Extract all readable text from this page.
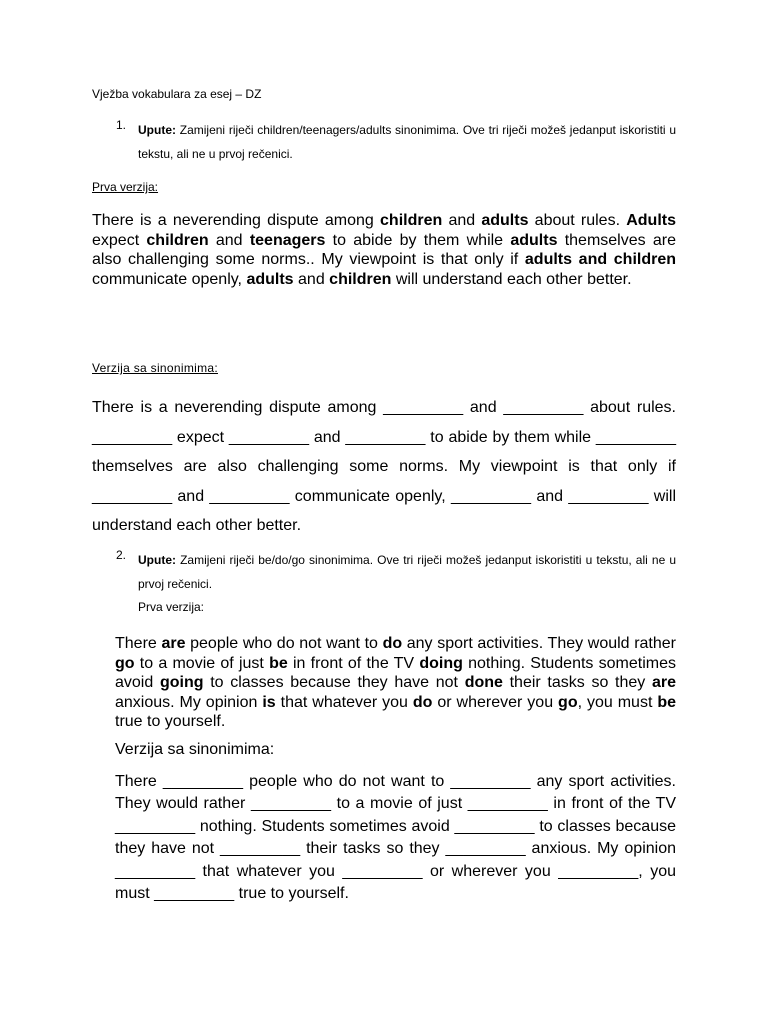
Vježba vokabulara za esej – DZ
1. Upute: Zamijeni riječi children/teenagers/adults sinonimima. Ove tri riječi možeš jedanput iskoristiti u tekstu, ali ne u prvoj rečenici.
Prva verzija:
There is a neverending dispute among children and adults about rules. Adults expect children and teenagers to abide by them while adults themselves are also challenging some norms.. My viewpoint is that only if adults and children communicate openly, adults and children will understand each other better.
Verzija sa sinonimima:
There is a neverending dispute among _________ and _________ about rules. _________ expect _________ and _________ to abide by them while _________ themselves are also challenging some norms. My viewpoint is that only if _________ and _________ communicate openly, _________ and _________ will understand each other better.
2. Upute: Zamijeni riječi be/do/go sinonimima. Ove tri riječi možeš jedanput iskoristiti u tekstu, ali ne u prvoj rečenici.
Prva verzija:
There are people who do not want to do any sport activities. They would rather go to a movie of just be in front of the TV doing nothing. Students sometimes avoid going to classes because they have not done their tasks so they are anxious. My opinion is that whatever you do or wherever you go, you must be true to yourself.
Verzija sa sinonimima:
There _________ people who do not want to _________ any sport activities. They would rather _________ to a movie of just _________ in front of the TV _________ nothing. Students sometimes avoid _________ to classes because they have not _________ their tasks so they _________ anxious. My opinion _________ that whatever you _________ or wherever you _________, you must _________ true to yourself.
